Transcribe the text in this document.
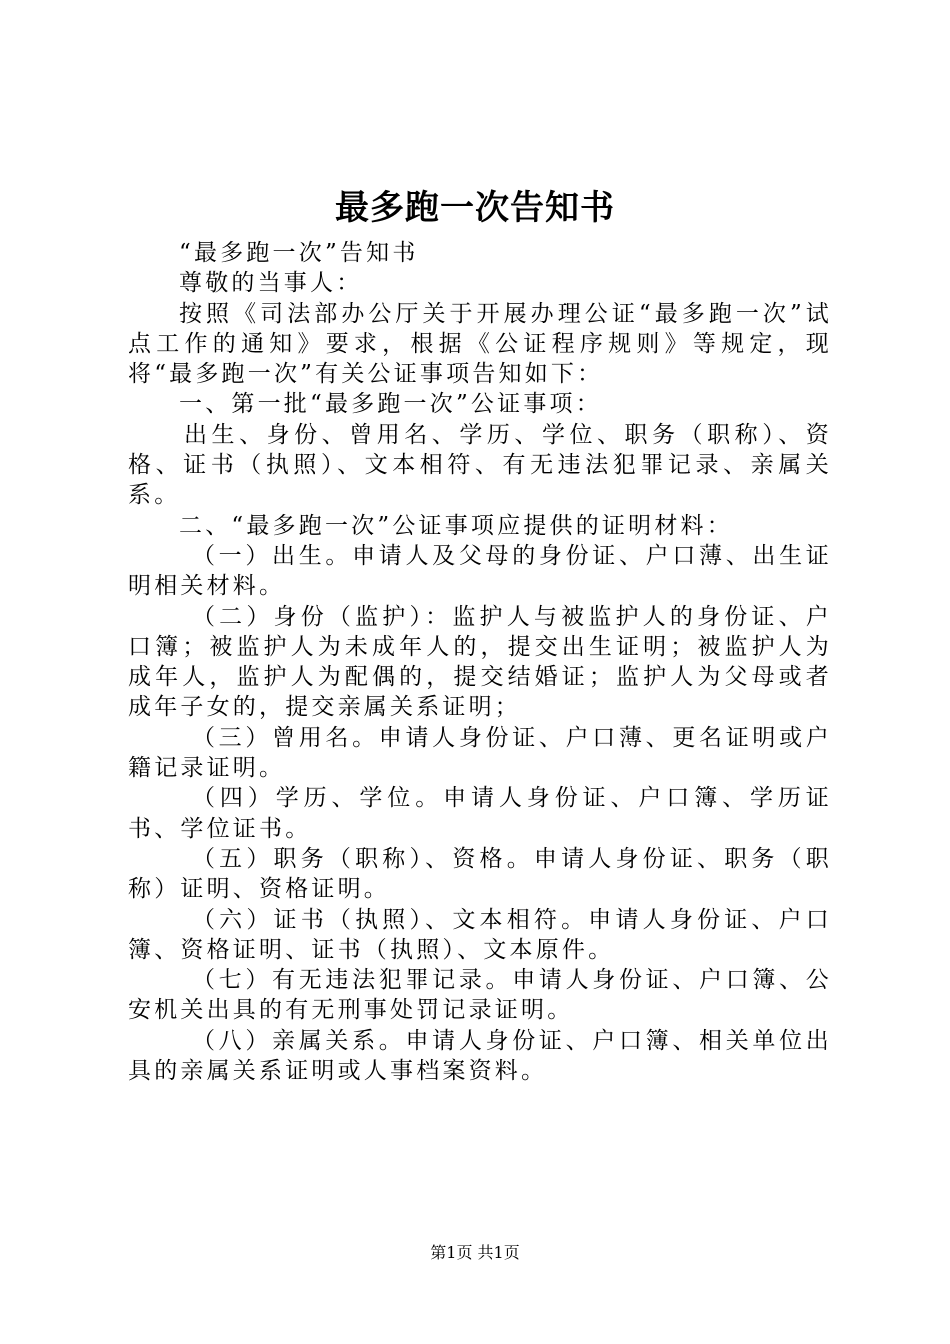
最多跑一次告知书

“最多跑一次”告知书

尊敬的当事人：

按照《司法部办公厅关于开展办理公证“最多跑一次”试点工作的通知》要求，根据《公证程序规则》等规定，现将“最多跑一次”有关公证事项告知如下：

一、第一批“最多跑一次”公证事项：

出生、身份、曾用名、学历、学位、职务（职称）、资格、证书（执照）、文本相符、有无违法犯罪记录、亲属关系。

二、“最多跑一次”公证事项应提供的证明材料：

（一）出生。申请人及父母的身份证、户口薄、出生证明相关材料。

（二）身份（监护）：监护人与被监护人的身份证、户口簿；被监护人为未成年人的，提交出生证明；被监护人为成年人，监护人为配偶的，提交结婚证；监护人为父母或者成年子女的，提交亲属关系证明；

（三）曾用名。申请人身份证、户口薄、更名证明或户籍记录证明。

（四）学历、学位。申请人身份证、户口簿、学历证书、学位证书。

（五）职务（职称）、资格。申请人身份证、职务（职称）证明、资格证明。

（六）证书（执照）、文本相符。申请人身份证、户口簿、资格证明、证书（执照）、文本原件。

（七）有无违法犯罪记录。申请人身份证、户口簿、公安机关出具的有无刑事处罚记录证明。

（八）亲属关系。申请人身份证、户口簿、相关单位出具的亲属关系证明或人事档案资料。

第1页 共1页
